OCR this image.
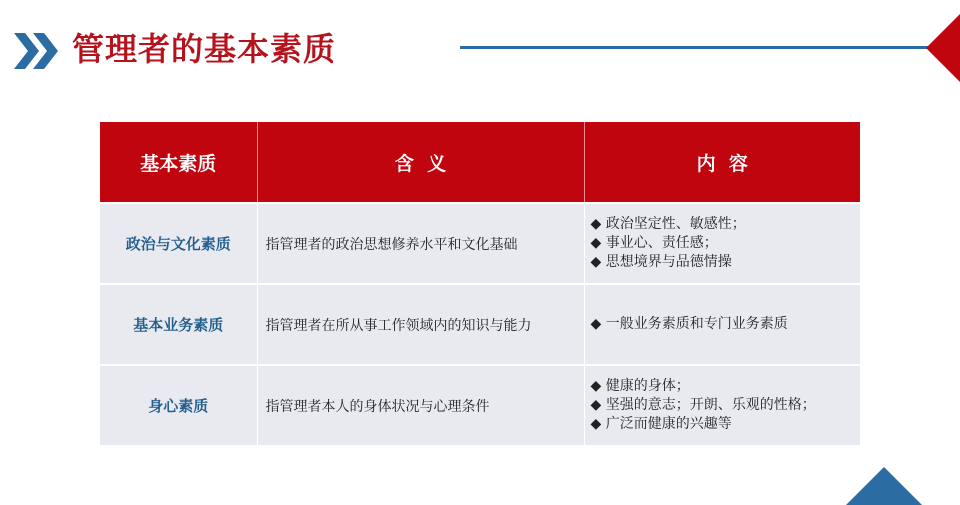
管理者的基本素质
基本素质	含  义	内  容
政治与文化素质	指管理者的政治思想修养水平和文化基础	◆ 政治坚定性、敏感性；
◆ 事业心、责任感；
◆ 思想境界与品德情操

基本业务素质	指管理者在所从事工作领域内的知识与能力	◆ 一般业务素质和专门业务素质

身心素质	指管理者本人的身体状况与心理条件	◆ 健康的身体；
◆ 坚强的意志；开朗、乐观的性格；
◆ 广泛而健康的兴趣等
